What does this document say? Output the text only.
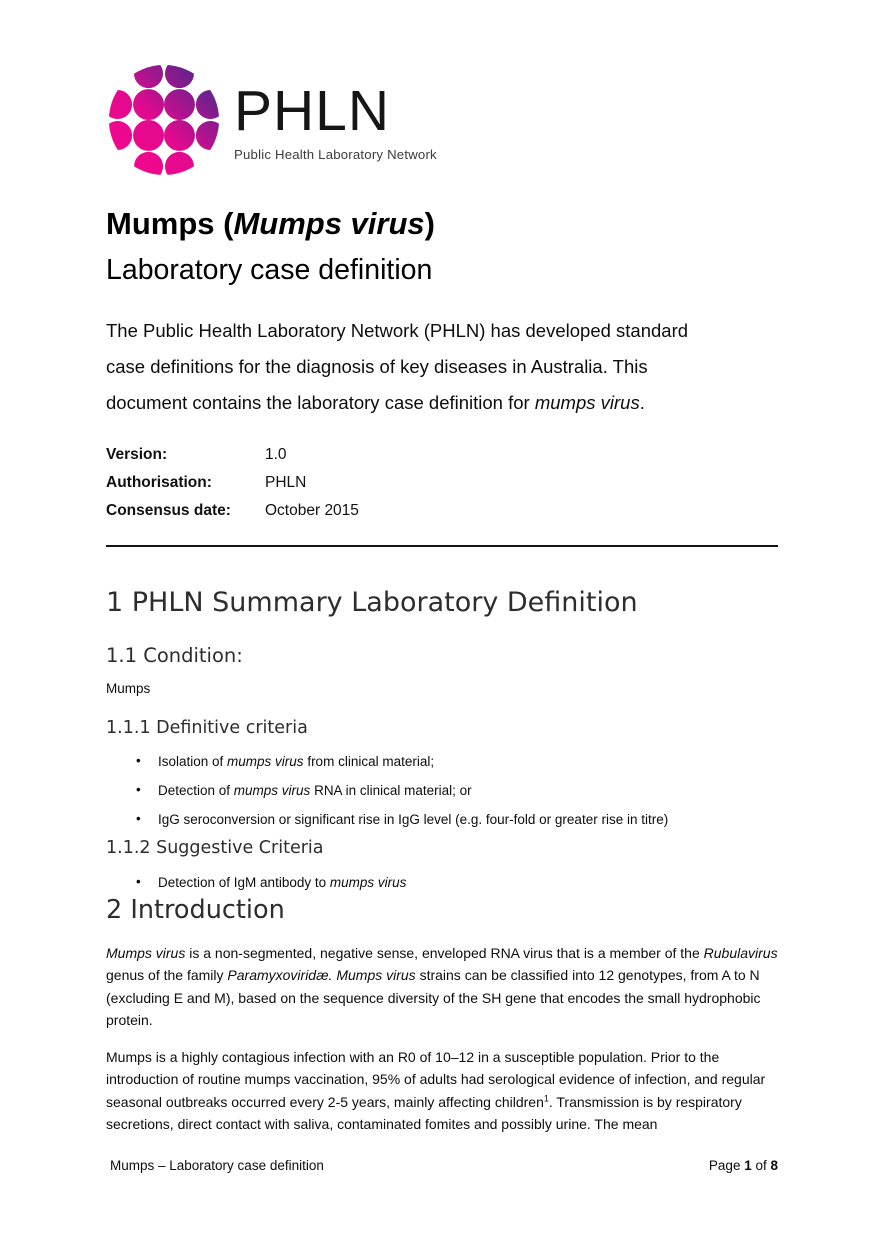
PHLN
Public Health Laboratory Network
Mumps (Mumps virus)
Laboratory case definition
The Public Health Laboratory Network (PHLN) has developed standard
case definitions for the diagnosis of key diseases in Australia. This
document contains the laboratory case definition for mumps virus.
Version:	1.0
Authorisation:	PHLN
Consensus date: October 2015
1 PHLN Summary Laboratory Definition
1.1 Condition:

Mumps

1.1.1 Definitive criteria
• Isolation of mumps virus from clinical material;
• Detection of mumps virus RNA in clinical material; or
• IgG seroconversion or significant rise in IgG level (e.g. four-fold or greater rise in titre)
1.1.2 Suggestive Criteria
• Detection of IgM antibody to mumps virus
2 Introduction

Mumps virus is a non-segmented, negative sense, enveloped RNA virus that is a member of the Rubulavirus genus of the family Paramyxoviridæ. Mumps virus strains can be classified into 12 genotypes, from A to N (excluding E and M), based on the sequence diversity of the SH gene that encodes the small hydrophobic protein.

Mumps is a highly contagious infection with an R0 of 10–12 in a susceptible population. Prior to the introduction of routine mumps vaccination, 95% of adults had serological evidence of infection, and regular seasonal outbreaks occurred every 2-5 years, mainly affecting children$^1$. Transmission is by respiratory secretions, direct contact with saliva, contaminated fomites and possibly urine. The mean

Mumps – Laboratory case definition	Page 1 of 8
